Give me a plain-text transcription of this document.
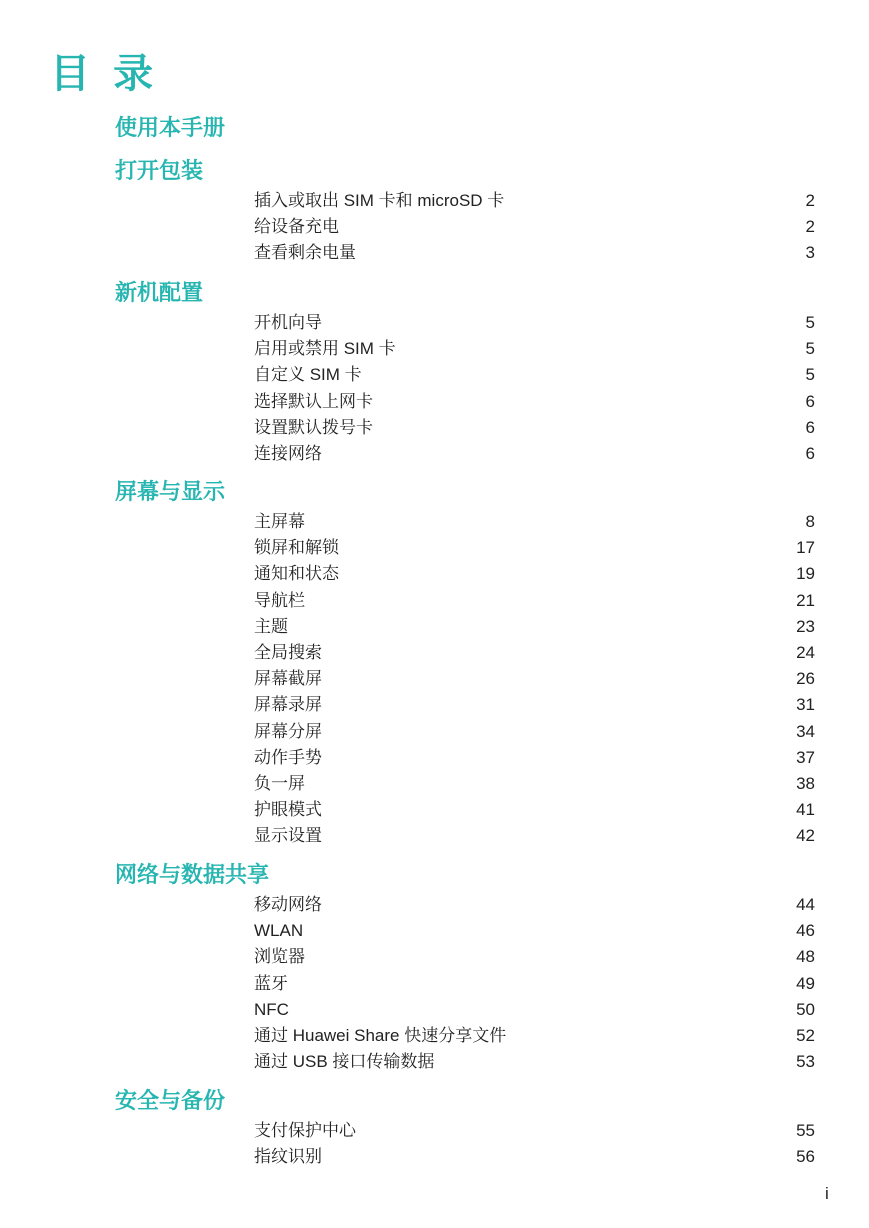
目 录
使用本手册
打开包装
插入或取出 SIM 卡和 microSD 卡	2
给设备充电	2
查看剩余电量	3
新机配置
开机向导	5
启用或禁用 SIM 卡	5
自定义 SIM 卡	5
选择默认上网卡	6
设置默认拨号卡	6
连接网络	6
屏幕与显示
主屏幕	8
锁屏和解锁	17
通知和状态	19
导航栏	21
主题	23
全局搜索	24
屏幕截屏	26
屏幕录屏	31
屏幕分屏	34
动作手势	37
负一屏	38
护眼模式	41
显示设置	42
网络与数据共享
移动网络	44
WLAN	46
浏览器	48
蓝牙	49
NFC	50
通过 Huawei Share 快速分享文件	52
通过 USB 接口传输数据	53
安全与备份
支付保护中心	55
指纹识别	56
i
